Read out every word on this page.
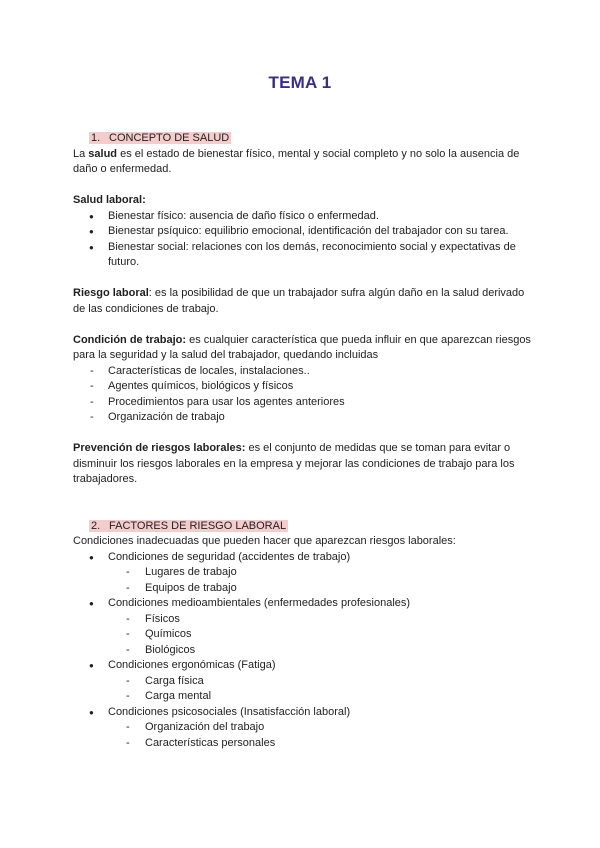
TEMA 1
1. CONCEPTO DE SALUD

La salud es el estado de bienestar físico, mental y social completo y no solo la ausencia de daño o enfermedad.

Salud laboral:

● Bienestar físico: ausencia de daño físico o enfermedad.
● Bienestar psíquico: equilibrio emocional, identificación del trabajador con su tarea.
● Bienestar social: relaciones con los demás, reconocimiento social y expectativas de futuro.

Riesgo laboral: es la posibilidad de que un trabajador sufra algún daño en la salud derivado de las condiciones de trabajo.

Condición de trabajo: es cualquier característica que pueda influir en que aparezcan riesgos para la seguridad y la salud del trabajador, quedando incluidas

- Características de locales, instalaciones..
- Agentes químicos, biológicos y físicos
- Procedimientos para usar los agentes anteriores
- Organización de trabajo

Prevención de riesgos laborales: es el conjunto de medidas que se toman para evitar o disminuir los riesgos laborales en la empresa y mejorar las condiciones de trabajo para los trabajadores.

2. FACTORES DE RIESGO LABORAL

Condiciones inadecuadas que pueden hacer que aparezcan riesgos laborales:

● Condiciones de seguridad (accidentes de trabajo)
- Lugares de trabajo
- Equipos de trabajo
● Condiciones medioambientales (enfermedades profesionales)
- Físicos
- Químicos
- Biológicos
● Condiciones ergonómicas (Fatiga)
- Carga física
- Carga mental
● Condiciones psicosociales (Insatisfacción laboral)
- Organización del trabajo
- Características personales
